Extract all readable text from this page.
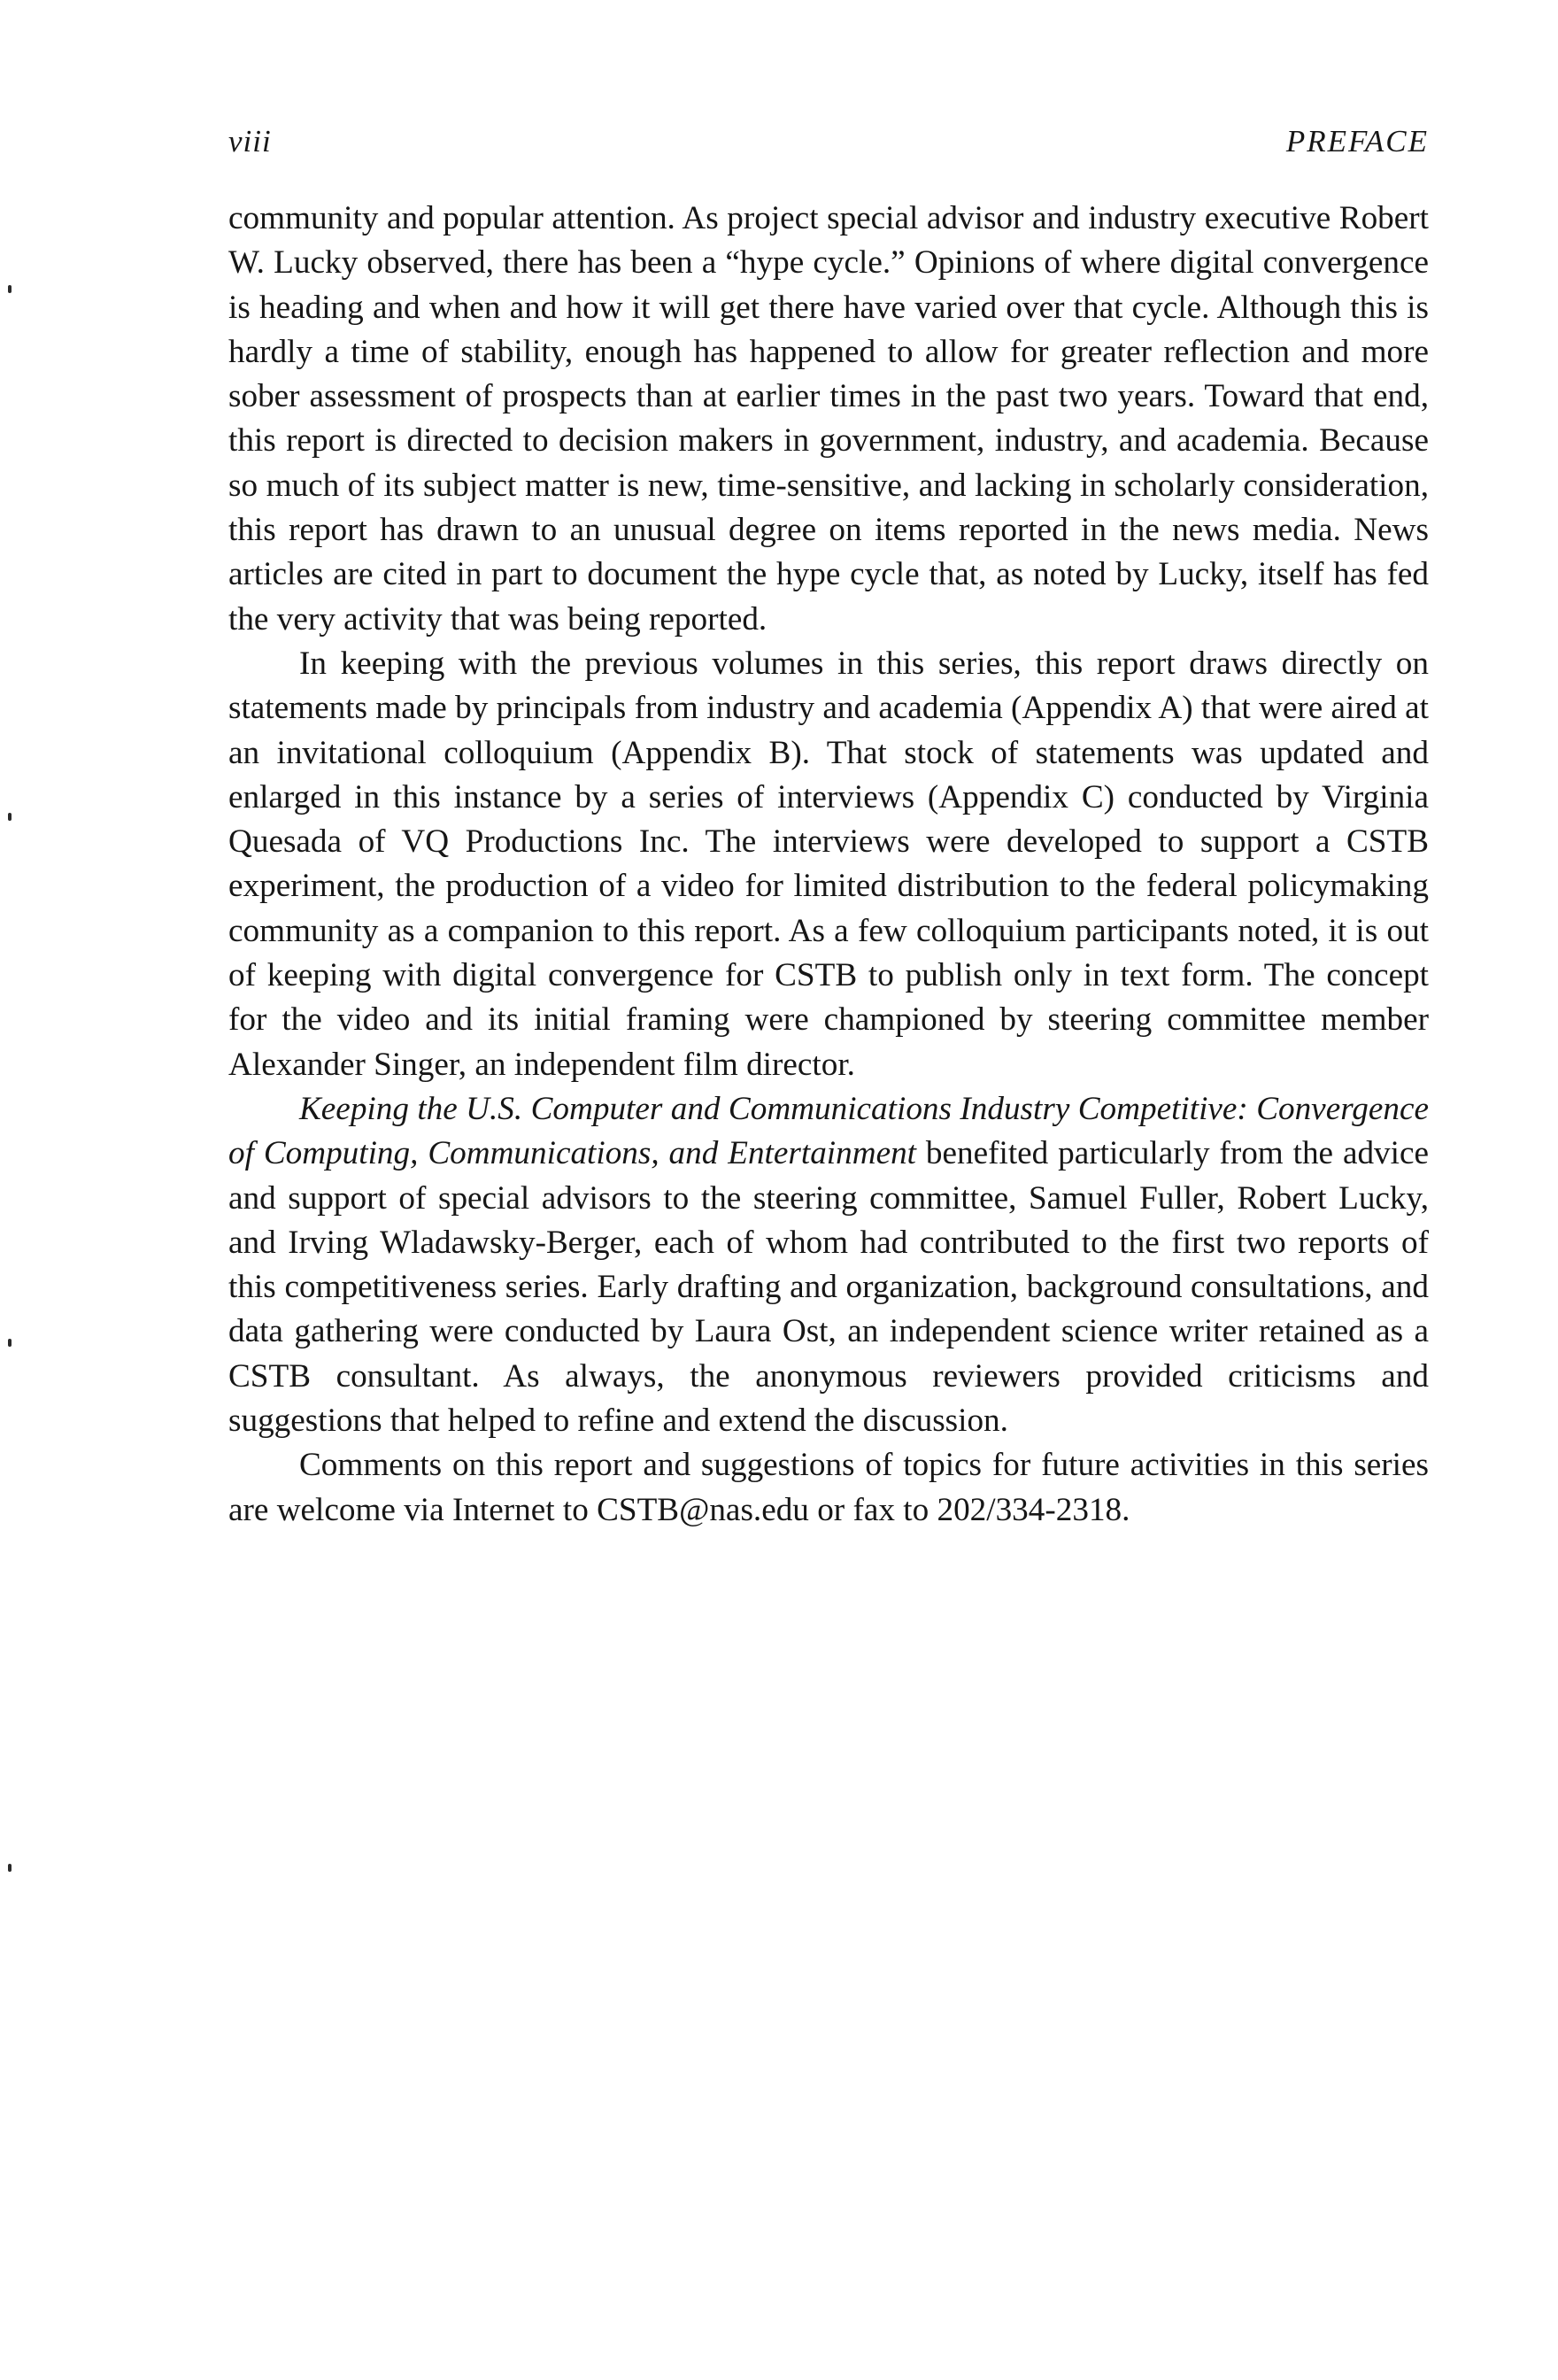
viii	PREFACE

community and popular attention. As project special advisor and industry executive Robert W. Lucky observed, there has been a “hype cycle.” Opinions of where digital convergence is heading and when and how it will get there have varied over that cycle. Although this is hardly a time of stability, enough has happened to allow for greater reflection and more sober assessment of prospects than at earlier times in the past two years. Toward that end, this report is directed to decision makers in government, industry, and academia. Because so much of its subject matter is new, time-sensitive, and lacking in scholarly consideration, this report has drawn to an unusual degree on items reported in the news media. News articles are cited in part to document the hype cycle that, as noted by Lucky, itself has fed the very activity that was being reported.

In keeping with the previous volumes in this series, this report draws directly on statements made by principals from industry and academia (Appendix A) that were aired at an invitational colloquium (Appendix B). That stock of statements was updated and enlarged in this instance by a series of interviews (Appendix C) conducted by Virginia Quesada of VQ Productions Inc. The interviews were developed to support a CSTB experiment, the production of a video for limited distribution to the federal policymaking community as a companion to this report. As a few colloquium participants noted, it is out of keeping with digital convergence for CSTB to publish only in text form. The concept for the video and its initial framing were championed by steering committee member Alexander Singer, an independent film director.

Keeping the U.S. Computer and Communications Industry Competitive: Convergence of Computing, Communications, and Entertainment benefited particularly from the advice and support of special advisors to the steering committee, Samuel Fuller, Robert Lucky, and Irving Wladawsky-Berger, each of whom had contributed to the first two reports of this competitiveness series. Early drafting and organization, background consultations, and data gathering were conducted by Laura Ost, an independent science writer retained as a CSTB consultant. As always, the anonymous reviewers provided criticisms and suggestions that helped to refine and extend the discussion.

Comments on this report and suggestions of topics for future activities in this series are welcome via Internet to CSTB@nas.edu or fax to 202/334-2318.
